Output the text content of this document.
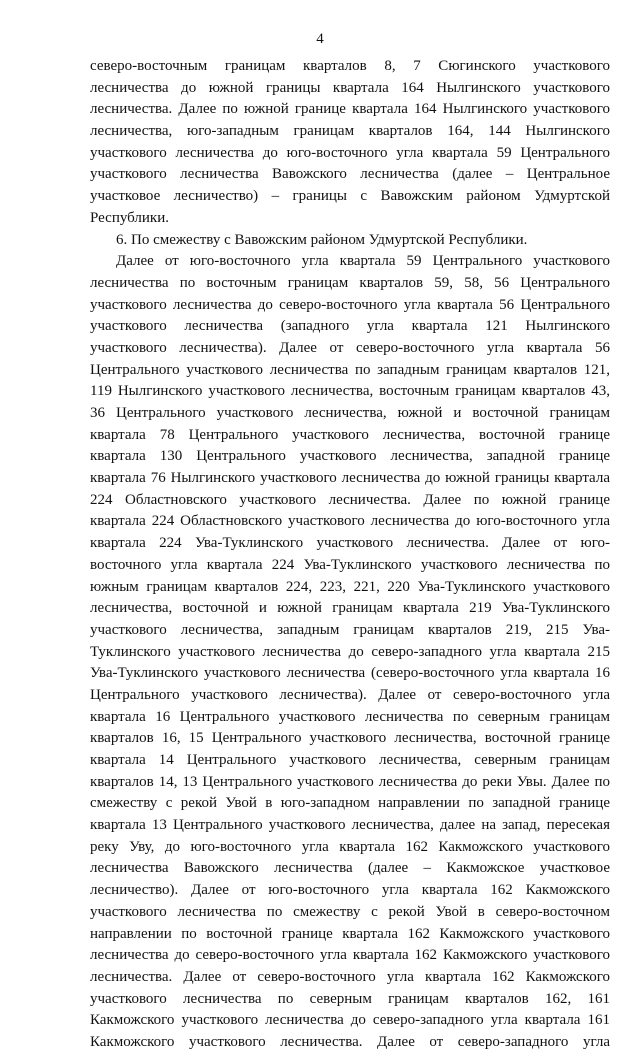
4
северо-восточным границам кварталов 8, 7 Сюгинского участкового
лесничества до южной границы квартала 164 Нылгинского участкового
лесничества. Далее по южной границе квартала 164 Нылгинского участкового
лесничества, юго-западным границам кварталов 164, 144 Нылгинского
участкового лесничества до юго-восточного угла квартала 59 Центрального
участкового лесничества Вавожского лесничества (далее – Центральное
участковое лесничество) – границы с Вавожским районом Удмуртской
Республики.
6. По смежеству с Вавожским районом Удмуртской Республики.
Далее от юго-восточного угла квартала 59 Центрального участкового
лесничества по восточным границам кварталов 59, 58, 56 Центрального
участкового лесничества до северо-восточного угла квартала 56 Центрального
участкового лесничества (западного угла квартала 121 Нылгинского
участкового лесничества). Далее от северо-восточного угла квартала 56
Центрального участкового лесничества по западным границам кварталов 121,
119 Нылгинского участкового лесничества, восточным границам кварталов 43,
36 Центрального участкового лесничества, южной и восточной границам
квартала 78 Центрального участкового лесничества, восточной границе
квартала 130 Центрального участкового лесничества, западной границе
квартала 76 Нылгинского участкового лесничества до южной границы квартала
224 Областновского участкового лесничества. Далее по южной границе
квартала 224 Областновского участкового лесничества до юго-восточного угла
квартала 224 Ува-Туклинского участкового лесничества. Далее от юго-
восточного угла квартала 224 Ува-Туклинского участкового лесничества по
южным границам кварталов 224, 223, 221, 220 Ува-Туклинского участкового
лесничества, восточной и южной границам квартала 219 Ува-Туклинского
участкового лесничества, западным границам кварталов 219, 215 Ува-
Туклинского участкового лесничества до северо-западного угла квартала 215
Ува-Туклинского участкового лесничества (северо-восточного угла квартала 16
Центрального участкового лесничества). Далее от северо-восточного угла
квартала 16 Центрального участкового лесничества по северным границам
кварталов 16, 15 Центрального участкового лесничества, восточной границе
квартала 14 Центрального участкового лесничества, северным границам
кварталов 14, 13 Центрального участкового лесничества до реки Увы. Далее по
смежеству с рекой Увой в юго-западном направлении по западной границе
квартала 13 Центрального участкового лесничества, далее на запад, пересекая
реку Уву, до юго-восточного угла квартала 162 Какможского участкового
лесничества Вавожского лесничества (далее – Какможское участковое
лесничество). Далее от юго-восточного угла квартала 162 Какможского
участкового лесничества по смежеству с рекой Увой в северо-восточном
направлении по восточной границе квартала 162 Какможского участкового
лесничества до северо-восточного угла квартала 162 Какможского участкового
лесничества. Далее от северо-восточного угла квартала 162 Какможского
участкового лесничества по северным границам кварталов 162, 161
Какможского участкового лесничества до северо-западного угла квартала 161
Какможского участкового лесничества. Далее от северо-западного угла
